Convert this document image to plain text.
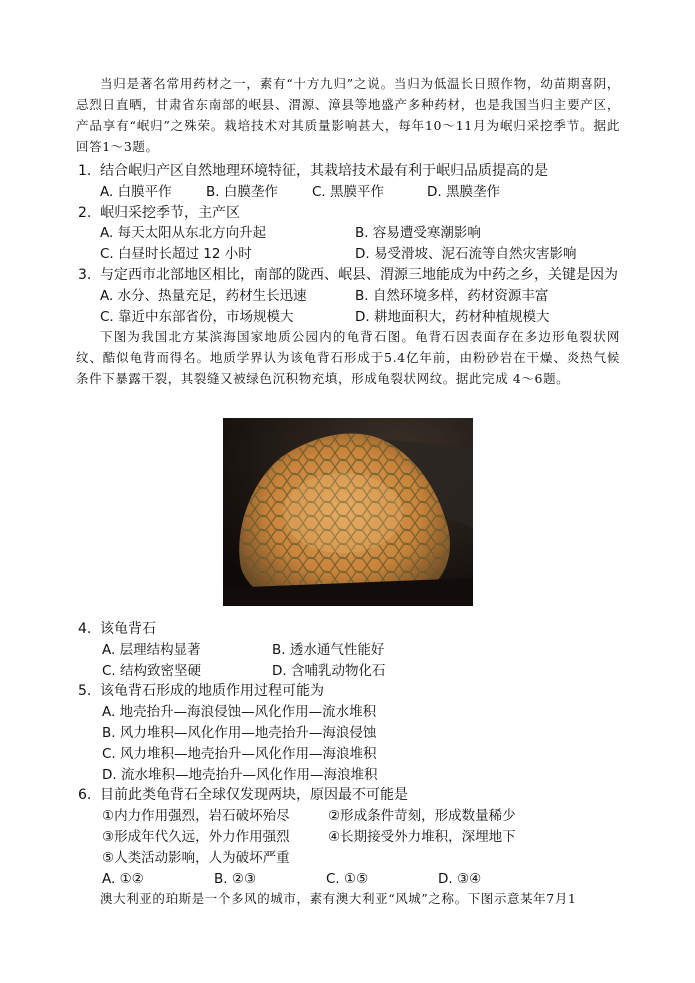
当归是著名常用药材之一，素有“十方九归”之说。当归为低温长日照作物，幼苗期喜阴，忌烈日直晒，甘肃省东南部的岷县、渭源、漳县等地盛产多种药材，也是我国当归主要产区，产品享有“岷归”之殊荣。栽培技术对其质量影响甚大，每年10～11月为岷归采挖季节。据此回答1～3题。
1. 结合岷归产区自然地理环境特征，其栽培技术最有利于岷归品质提高的是
A. 白膜平作	B. 白膜垄作	C. 黑膜平作	D. 黑膜垄作
2. 岷归采挖季节，主产区
A. 每天太阳从东北方向升起	B. 容易遭受寒潮影响
C. 白昼时长超过 12 小时	D. 易受滑坡、泥石流等自然灾害影响
3. 与定西市北部地区相比，南部的陇西、岷县、渭源三地能成为中药之乡，关键是因为
A. 水分、热量充足，药材生长迅速	B. 自然环境多样，药材资源丰富
C. 靠近中东部省份，市场规模大	D. 耕地面积大，药材种植规模大
下图为我国北方某滨海国家地质公园内的龟背石图。龟背石因表面存在多边形龟裂状网纹、酷似龟背而得名。地质学界认为该龟背石形成于5.4亿年前，由粉砂岩在干燥、炎热气候条件下暴露干裂，其裂缝又被绿色沉积物充填，形成龟裂状网纹。据此完成 4～6题。
4. 该龟背石
A. 层理结构显著	B. 透水通气性能好
C. 结构致密坚硬	D. 含哺乳动物化石
5. 该龟背石形成的地质作用过程可能为
A. 地壳抬升—海浪侵蚀—风化作用—流水堆积
B. 风力堆积—风化作用—地壳抬升—海浪侵蚀
C. 风力堆积—地壳抬升—风化作用—海浪堆积
D. 流水堆积—地壳抬升—风化作用—海浪堆积
6. 目前此类龟背石全球仅发现两块，原因最不可能是
①内力作用强烈，岩石破坏殆尽	②形成条件苛刻，形成数量稀少
③形成年代久远，外力作用强烈	④长期接受外力堆积，深埋地下
⑤人类活动影响，人为破坏严重
A. ①②	B. ②③	C. ①⑤	D. ③④
澳大利亚的珀斯是一个多风的城市，素有澳大利亚“风城”之称。下图示意某年7月1
